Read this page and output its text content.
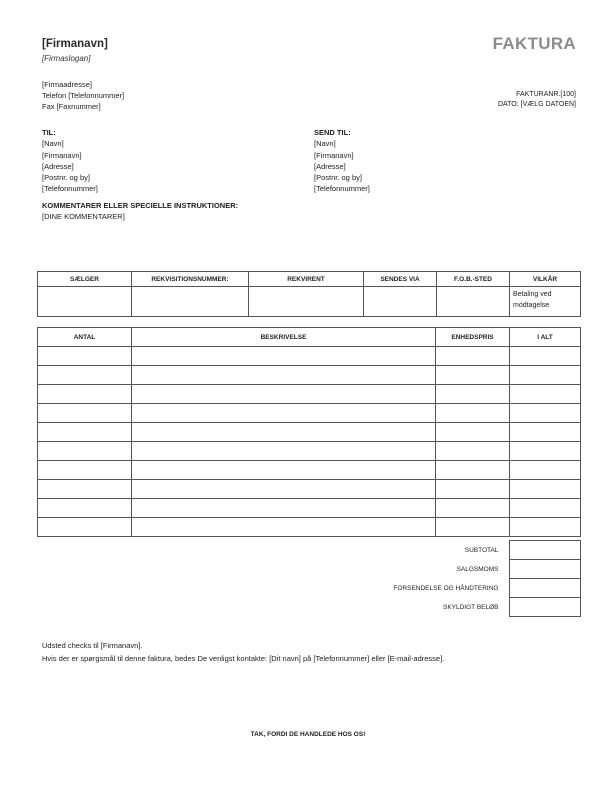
[Firmanavn]
[Firmaslogan]
FAKTURA
[Firmaadresse]
Telefon [Telefonnummer]
Fax [Faxnummer]
FAKTURANR.[100]
DATO: [VÆLG DATOEN]
TIL:
[Navn]
[Firmanavn]
[Adresse]
[Postnr. og by]
[Telefonnummer]
SEND TIL:
[Navn]
[Firmanavn]
[Adresse]
[Postnr. og by]
[Telefonnummer]
KOMMENTARER ELLER SPECIELLE INSTRUKTIONER:
[DINE KOMMENTARER]
SÆLGER	REKVISITIONSNUMMER:	REKVIRENT	SENDES VIA	F.O.B.-STED	VILKÅR
					Betaling ved modtagelse
ANTAL	BESKRIVELSE	ENHEDSPRIS	I ALT

	SUBTOTAL	
	SALGSMOMS	
	FORSENDELSE OG HÅNDTERING	
	SKYLDIGT BELØB	
Udsted checks til [Firmanavn].
Hvis der er spørgsmål til denne faktura, bedes De venligst kontakte: [Dit navn] på [Telefonnummer] eller [E-mail-adresse].
TAK, FORDI DE HANDLEDE HOS OS!
